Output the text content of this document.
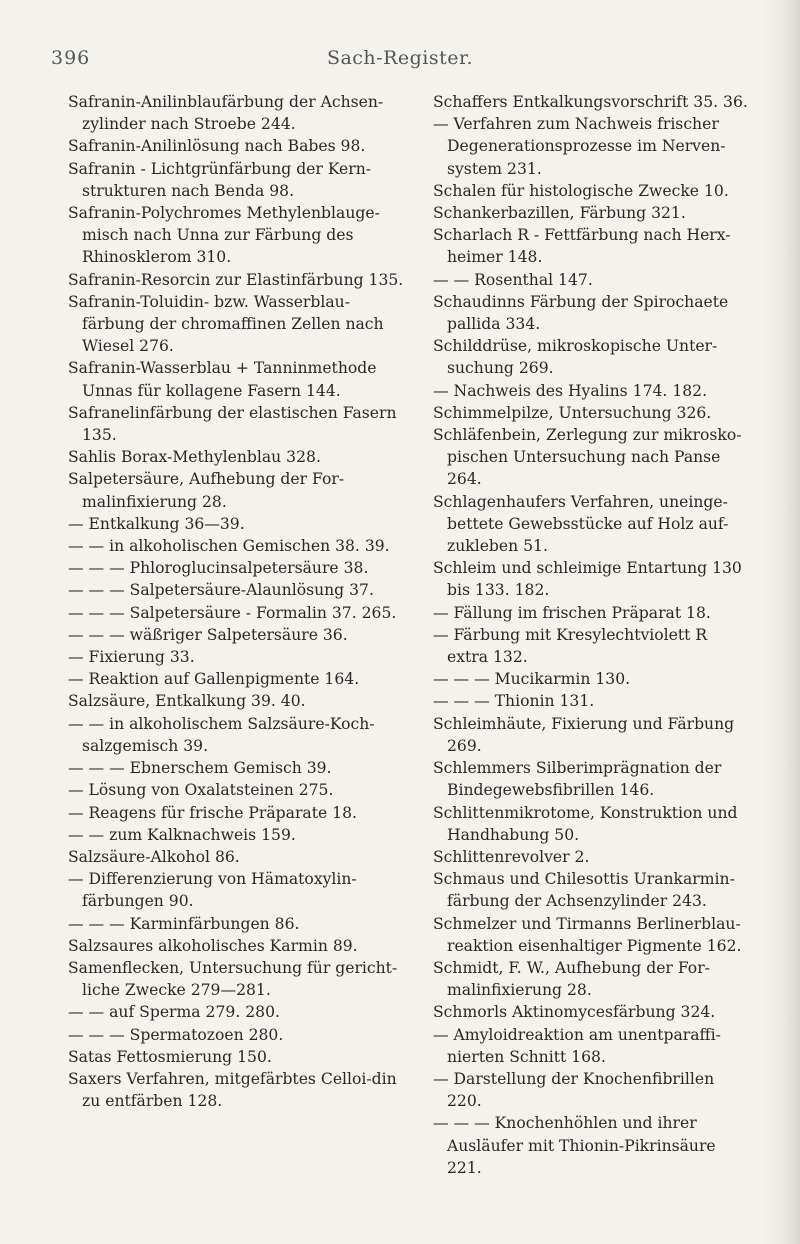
396	Sach-Register.

Safranin-Anilinblaufärbung der Achsen-zylinder nach Stroebe 244.

Safranin-Anilinlösung nach Babes 98.

Safranin - Lichtgrünfärbung der Kern-strukturen nach Benda 98.

Safranin-Polychromes Methylenblauge-misch nach Unna zur Färbung des Rhinosklerom 310.

Safranin-Resorcin zur Elastinfärbung 135.

Safranin-Toluidin- bzw. Wasserblau-färbung der chromaffinen Zellen nach Wiesel 276.

Safranin-Wasserblau + Tanninmethode Unnas für kollagene Fasern 144.

Safranelinfärbung der elastischen Fasern 135.

Sahlis Borax-Methylenblau 328.

Salpetersäure, Aufhebung der For-malinfixierung 28.

— Entkalkung 36—39.

— — in alkoholischen Gemischen 38. 39.

— — — Phloroglucinsalpetersäure 38.

— — — Salpetersäure-Alaunlösung 37.

— — — Salpetersäure - Formalin 37. 265.

— — — wäßriger Salpetersäure 36.

— Fixierung 33.

— Reaktion auf Gallenpigmente 164.

Salzsäure, Entkalkung 39. 40.

— — in alkoholischem Salzsäure-Koch-salzgemisch 39.

— — — Ebnerschem Gemisch 39.

— Lösung von Oxalatsteinen 275.

— Reagens für frische Präparate 18.

— — zum Kalknachweis 159.

Salzsäure-Alkohol 86.

— Differenzierung von Hämatoxylin-färbungen 90.

— — — Karminfärbungen 86.

Salzsaures alkoholisches Karmin 89.

Samenflecken, Untersuchung für gericht-liche Zwecke 279—281.

— — auf Sperma 279. 280.

— — — Spermatozoen 280.

Satas Fettosmierung 150.

Saxers Verfahren, mitgefärbtes Celloi-din zu entfärben 128.

Schaffers Entkalkungsvorschrift 35. 36.

— Verfahren zum Nachweis frischer Degenerationsprozesse im Nerven-system 231.

Schalen für histologische Zwecke 10.

Schankerbazillen, Färbung 321.

Scharlach R - Fettfärbung nach Herx-heimer 148.

— — Rosenthal 147.

Schaudinns Färbung der Spirochaete pallida 334.

Schilddrüse, mikroskopische Unter-suchung 269.

— Nachweis des Hyalins 174. 182.

Schimmelpilze, Untersuchung 326.

Schläfenbein, Zerlegung zur mikrosko-pischen Untersuchung nach Panse 264.

Schlagenhaufers Verfahren, uneinge-bettete Gewebsstücke auf Holz auf-zukleben 51.

Schleim und schleimige Entartung 130 bis 133. 182.

— Fällung im frischen Präparat 18.

— Färbung mit Kresylechtviolett R extra 132.

— — — Mucikarmin 130.

— — — Thionin 131.

Schleimhäute, Fixierung und Färbung 269.

Schlemmers Silberimprägnation der Bindegewebsfibrillen 146.

Schlittenmikrotome, Konstruktion und Handhabung 50.

Schlittenrevolver 2.

Schmaus und Chilesottis Urankarmin-färbung der Achsenzylinder 243.

Schmelzer und Tirmanns Berlinerblau-reaktion eisenhaltiger Pigmente 162.

Schmidt, F. W., Aufhebung der For-malinfixierung 28.

Schmorls Aktinomycesfärbung 324.

— Amyloidreaktion am unentparaffi-nierten Schnitt 168.

— Darstellung der Knochenfibrillen 220.

— — — Knochenhöhlen und ihrer Ausläufer mit Thionin-Pikrinsäure 221.
